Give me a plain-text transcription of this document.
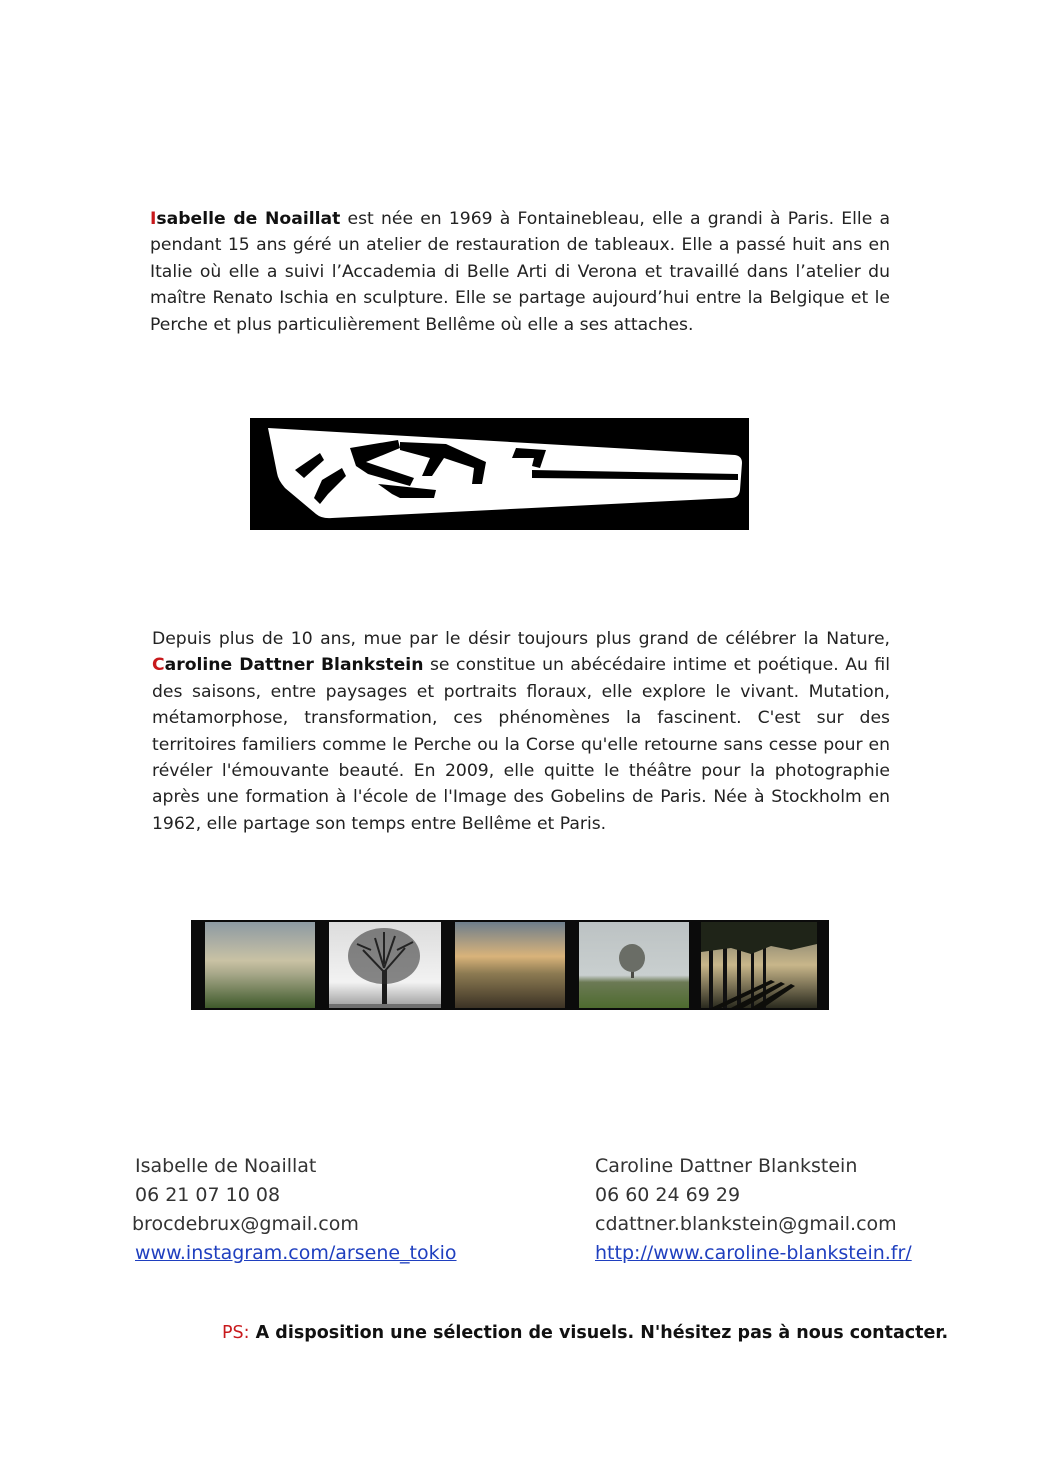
Isabelle de Noaillat est née en 1969 à Fontainebleau, elle a grandi à Paris. Elle a pendant 15 ans géré un atelier de restauration de tableaux. Elle a passé huit ans en Italie où elle a suivi l’Accademia di Belle Arti di Verona et travaillé dans l’atelier du maître Renato Ischia en sculpture. Elle se partage aujourd’hui entre la Belgique et le Perche et plus particulièrement Bellême où elle a ses attaches.

Depuis plus de 10 ans, mue par le désir toujours plus grand de célébrer la Nature, Caroline Dattner Blankstein se constitue un abécédaire intime et poétique. Au fil des saisons, entre paysages et portraits floraux, elle explore le vivant. Mutation, métamorphose, transformation, ces phénomènes la fascinent. C'est sur des territoires familiers comme le Perche ou la Corse qu'elle retourne sans cesse pour en révéler l'émouvante beauté. En 2009, elle quitte le théâtre pour la photographie après une formation à l'école de l'Image des Gobelins de Paris. Née à Stockholm en 1962, elle partage son temps entre Bellême et Paris.

Isabelle de Noaillat
06 21 07 10 08
brocdebrux@gmail.com
www.instagram.com/arsene_tokio
Caroline Dattner Blankstein
06 60 24 69 29
cdattner.blankstein@gmail.com
http://www.caroline-blankstein.fr/
PS: A disposition une sélection de visuels. N'hésitez pas à nous contacter.
